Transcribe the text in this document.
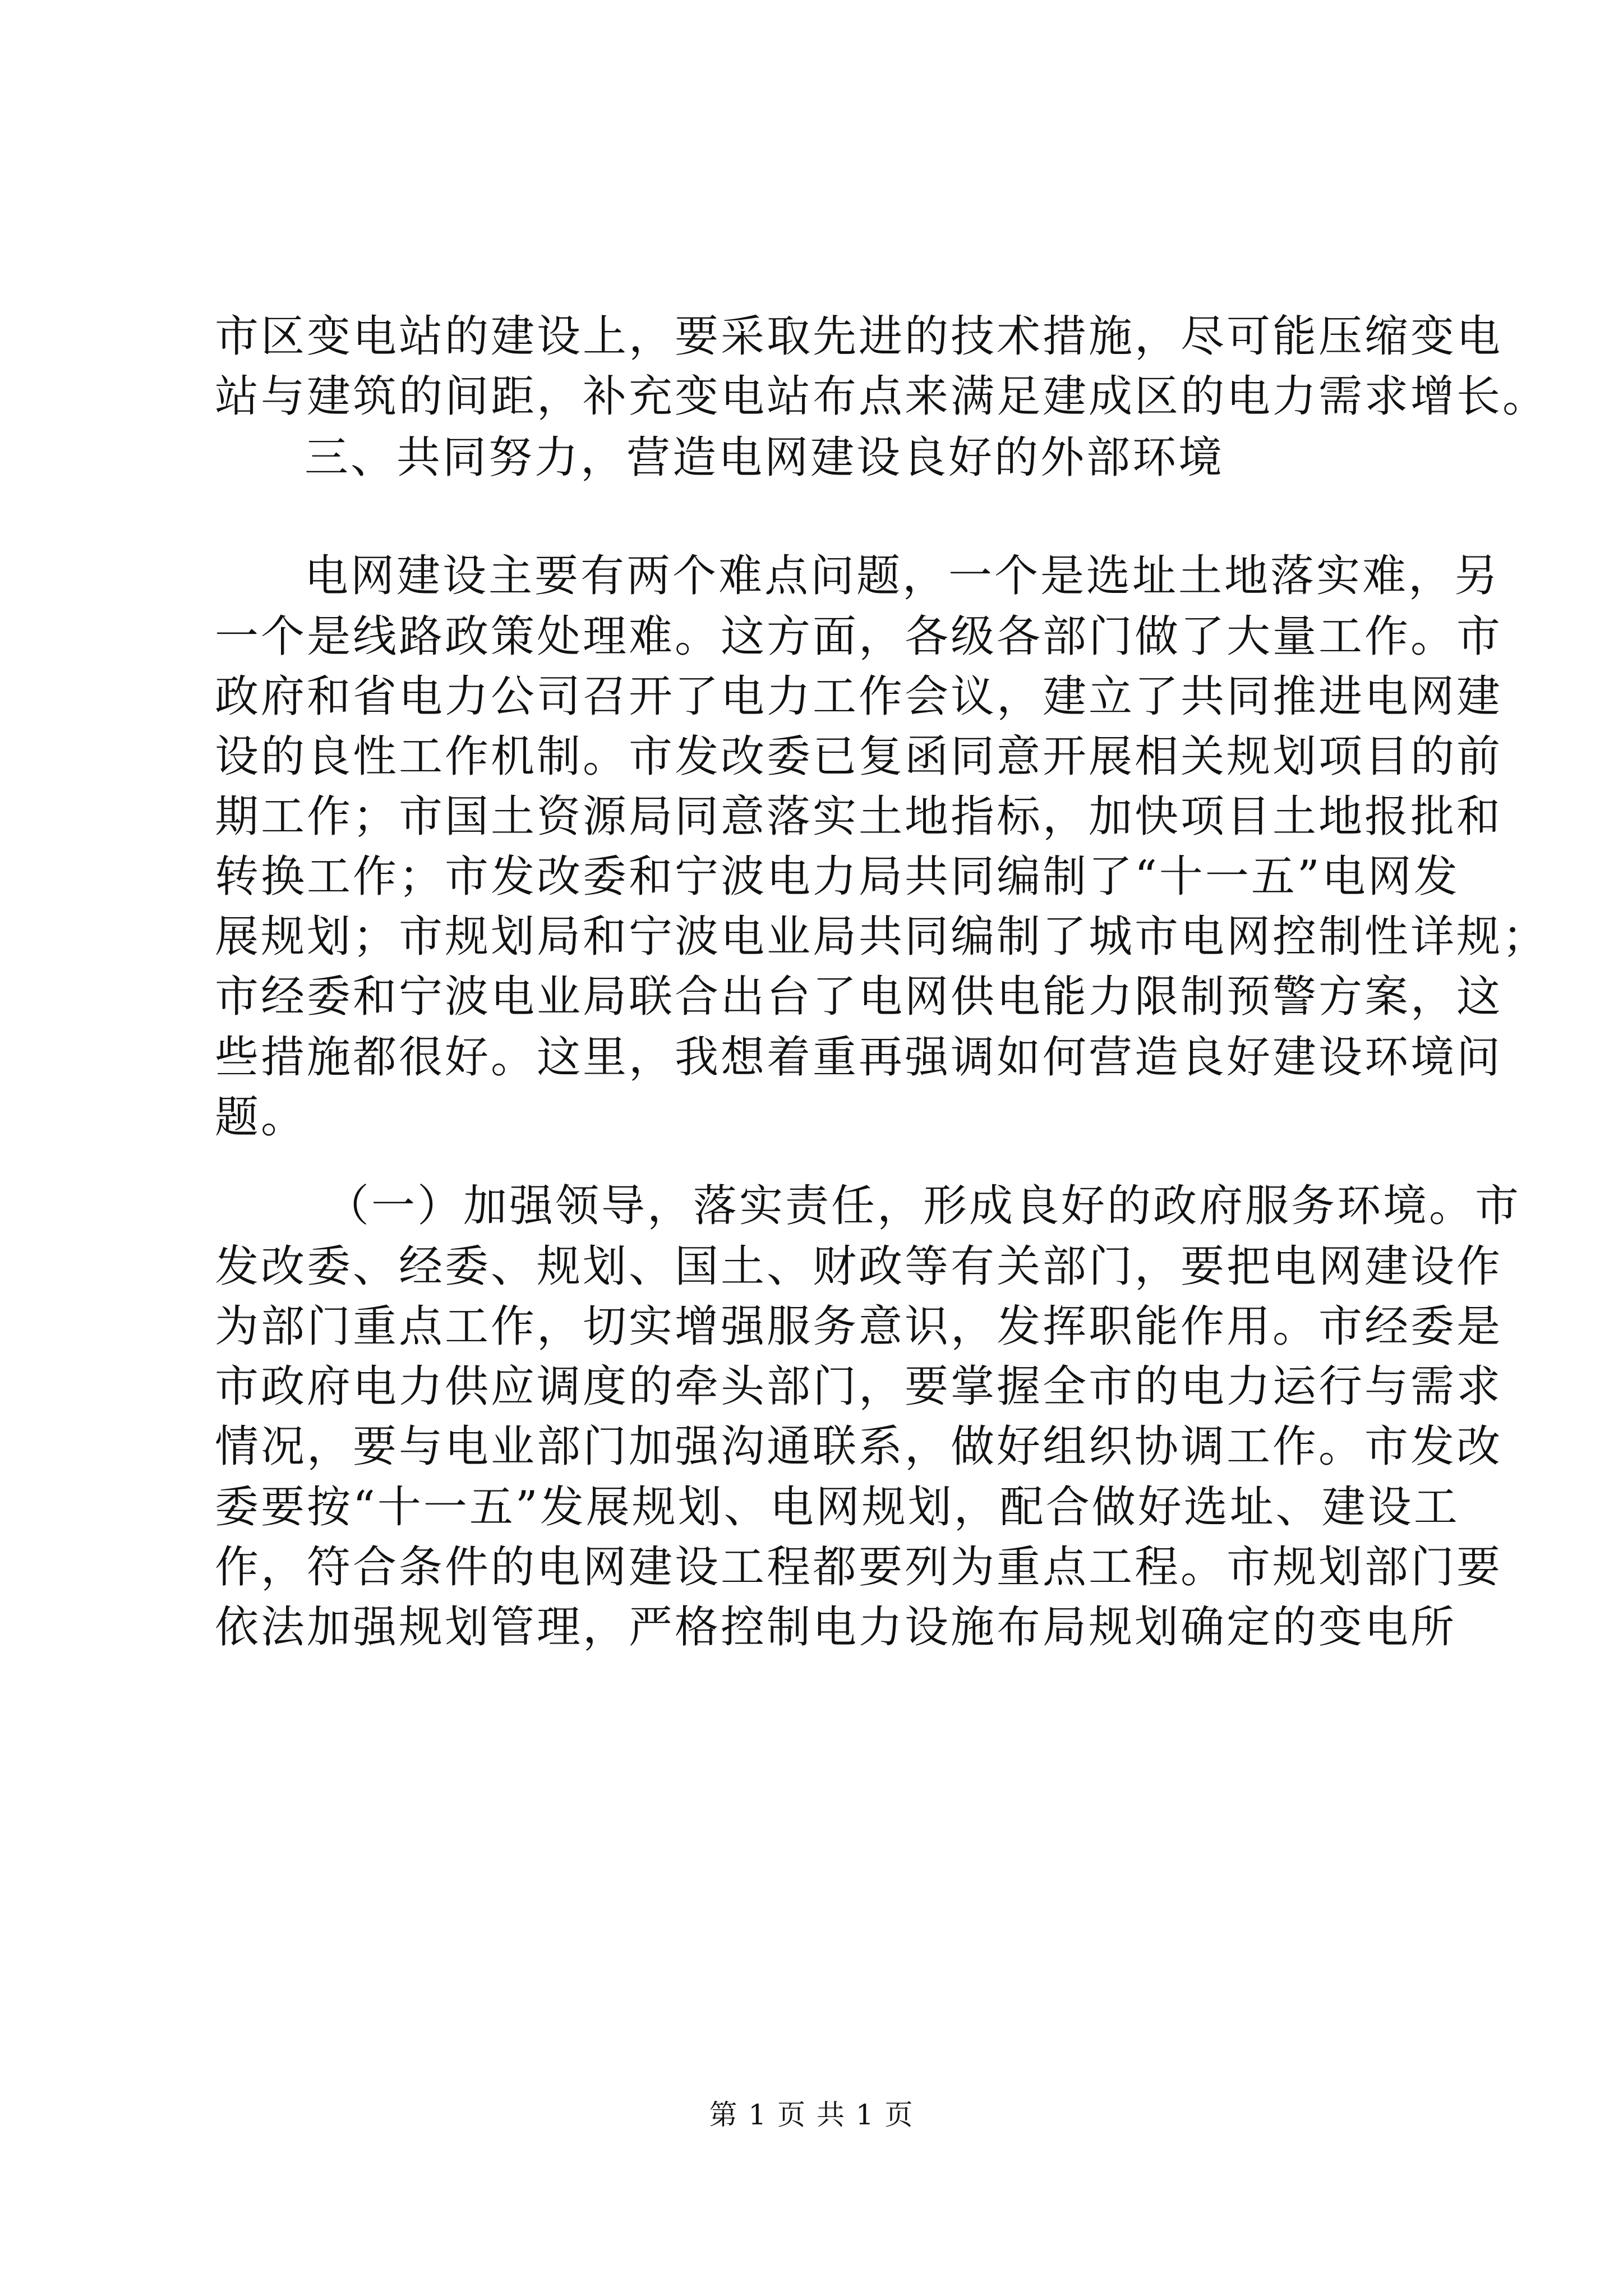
市区变电站的建设上，要采取先进的技术措施，尽可能压缩变电
站与建筑的间距，补充变电站布点来满足建成区的电力需求增长。
三、共同努力，营造电网建设良好的外部环境
电网建设主要有两个难点问题，一个是选址土地落实难，另
一个是线路政策处理难。这方面，各级各部门做了大量工作。市
政府和省电力公司召开了电力工作会议，建立了共同推进电网建
设的良性工作机制。市发改委已复函同意开展相关规划项目的前
期工作；市国土资源局同意落实土地指标，加快项目土地报批和
转换工作；市发改委和宁波电力局共同编制了“十一五”电网发
展规划；市规划局和宁波电业局共同编制了城市电网控制性详规；
市经委和宁波电业局联合出台了电网供电能力限制预警方案，这
些措施都很好。这里，我想着重再强调如何营造良好建设环境问
题。
（一）加强领导，落实责任，形成良好的政府服务环境。市
发改委、经委、规划、国土、财政等有关部门，要把电网建设作
为部门重点工作，切实增强服务意识，发挥职能作用。市经委是
市政府电力供应调度的牵头部门，要掌握全市的电力运行与需求
情况，要与电业部门加强沟通联系，做好组织协调工作。市发改
委要按“十一五”发展规划、电网规划，配合做好选址、建设工
作，符合条件的电网建设工程都要列为重点工程。市规划部门要
依法加强规划管理，严格控制电力设施布局规划确定的变电所
第 1 页 共 1 页
